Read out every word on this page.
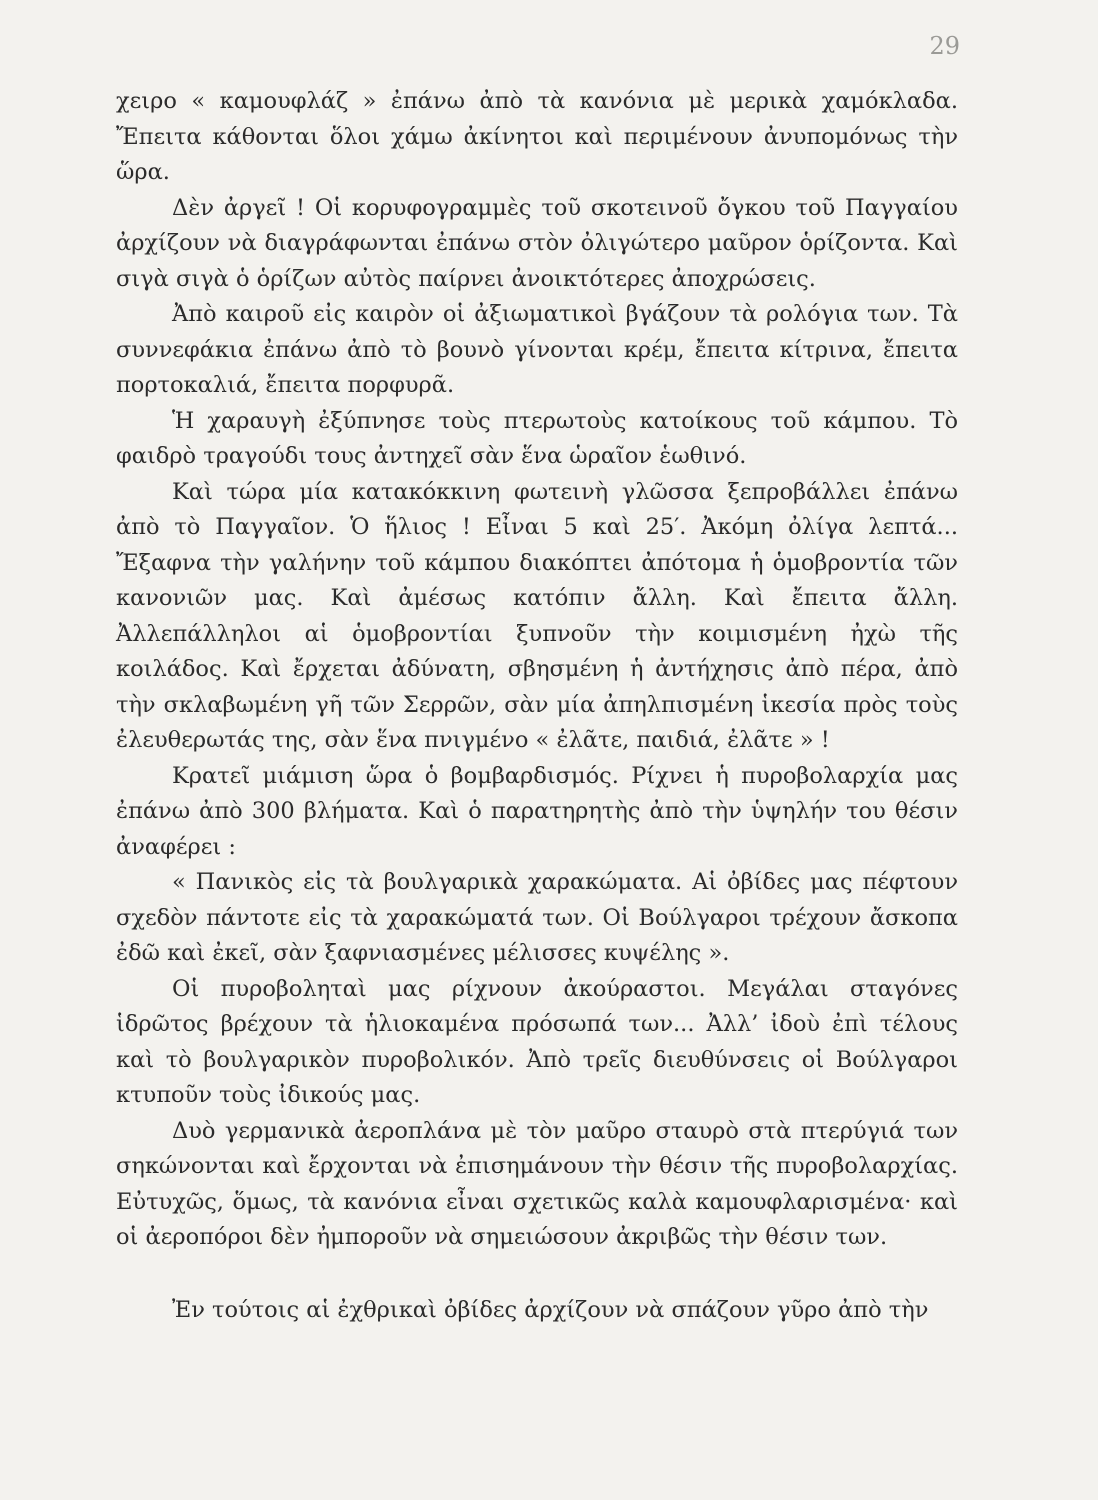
29

χειρο « καμουφλάζ » ἐπάνω ἀπὸ τὰ κανόνια μὲ μερικὰ χαμόκλαδα. Ἔπειτα κάθονται ὅλοι χάμω ἀκίνητοι καὶ περιμένουν ἀνυπομόνως τὴν ὥρα.

Δὲν ἀργεῖ ! Οἱ κορυφογραμμὲς τοῦ σκοτεινοῦ ὄγκου τοῦ Παγγαίου ἀρχίζουν νὰ διαγράφωνται ἐπάνω στὸν ὀλιγώτερο μαῦρον ὁρίζοντα. Καὶ σιγὰ σιγὰ ὁ ὁρίζων αὐτὸς παίρνει ἀνοικτότερες ἀποχρώσεις.

Ἀπὸ καιροῦ εἰς καιρὸν οἱ ἀξιωματικοὶ βγάζουν τὰ ρολόγια των. Τὰ συννεφάκια ἐπάνω ἀπὸ τὸ βουνὸ γίνονται κρέμ, ἔπειτα κίτρινα, ἔπειτα πορτοκαλιά, ἔπειτα πορφυρᾶ.

Ἡ χαραυγὴ ἐξύπνησε τοὺς πτερωτοὺς κατοίκους τοῦ κάμπου. Τὸ φαιδρὸ τραγούδι τους ἀντηχεῖ σὰν ἕνα ὡραῖον ἑωθινό.

Καὶ τώρα μία κατακόκκινη φωτεινὴ γλῶσσα ξεπροβάλλει ἐπάνω ἀπὸ τὸ Παγγαῖον. Ὁ ἥλιος ! Εἶναι 5 καὶ 25′. Ἀκόμη ὀλίγα λεπτά... Ἔξαφνα τὴν γαλήνην τοῦ κάμπου διακόπτει ἀπότομα ἡ ὁμοβροντία τῶν κανονιῶν μας. Καὶ ἀμέσως κατόπιν ἄλλη. Καὶ ἔπειτα ἄλλη. Ἀλλεπάλληλοι αἱ ὁμοβροντίαι ξυπνοῦν τὴν κοιμισμένη ἠχὼ τῆς κοιλάδος. Καὶ ἔρχεται ἀδύνατη, σβησμένη ἡ ἀντήχησις ἀπὸ πέρα, ἀπὸ τὴν σκλαβωμένη γῆ τῶν Σερρῶν, σὰν μία ἀπηλπισμένη ἱκεσία πρὸς τοὺς ἐλευθερωτάς της, σὰν ἕνα πνιγμένο « ἐλᾶτε, παιδιά, ἐλᾶτε » !

Κρατεῖ μιάμιση ὥρα ὁ βομβαρδισμός. Ρίχνει ἡ πυροβολαρχία μας ἐπάνω ἀπὸ 300 βλήματα. Καὶ ὁ παρατηρητὴς ἀπὸ τὴν ὑψηλήν του θέσιν ἀναφέρει :

« Πανικὸς εἰς τὰ βουλγαρικὰ χαρακώματα. Αἱ ὀβίδες μας πέφτουν σχεδὸν πάντοτε εἰς τὰ χαρακώματά των. Οἱ Βούλγαροι τρέχουν ἄσκοπα ἐδῶ καὶ ἐκεῖ, σὰν ξαφνιασμένες μέλισσες κυψέλης ».

Οἱ πυροβοληταὶ μας ρίχνουν ἀκούραστοι. Μεγάλαι σταγόνες ἱδρῶτος βρέχουν τὰ ἡλιοκαμένα πρόσωπά των... Ἀλλ’ ἰδοὺ ἐπὶ τέλους καὶ τὸ βουλγαρικὸν πυροβολικόν. Ἀπὸ τρεῖς διευθύνσεις οἱ Βούλγαροι κτυποῦν τοὺς ἰδικούς μας.

Δυὸ γερμανικὰ ἀεροπλάνα μὲ τὸν μαῦρο σταυρὸ στὰ πτερύγιά των σηκώνονται καὶ ἔρχονται νὰ ἐπισημάνουν τὴν θέσιν τῆς πυροβολαρχίας. Εὐτυχῶς, ὅμως, τὰ κανόνια εἶναι σχετικῶς καλὰ καμουφλαρισμένα· καὶ οἱ ἀεροπόροι δὲν ἠμποροῦν νὰ σημειώσουν ἀκριβῶς τὴν θέσιν των.

Ἐν τούτοις αἱ ἐχθρικαὶ ὀβίδες ἀρχίζουν νὰ σπάζουν γῦρο ἀπὸ τὴν
